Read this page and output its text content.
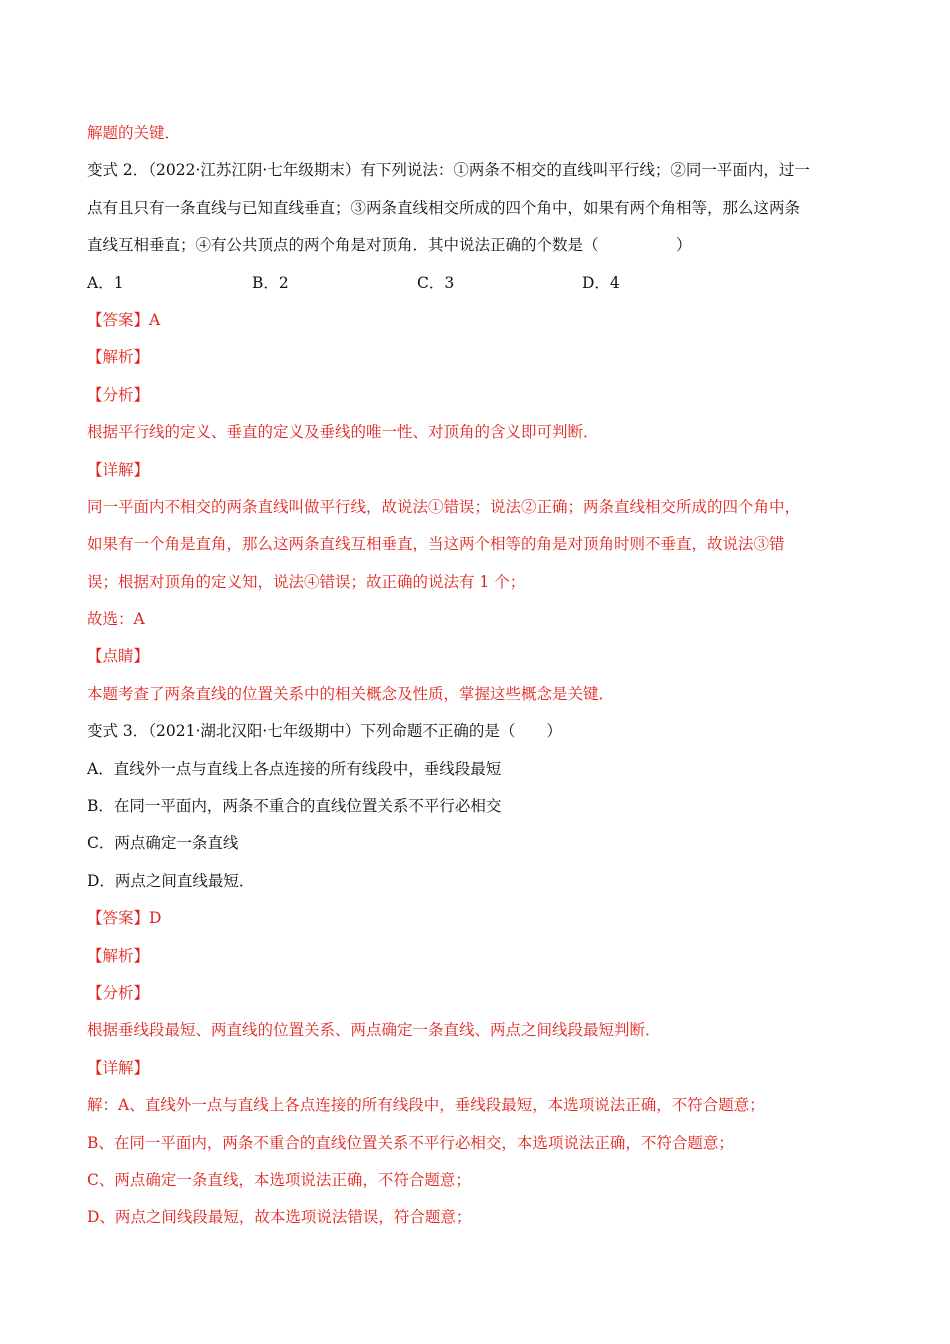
解题的关键．
变式 2．（2022·江苏江阴·七年级期末）有下列说法：①两条不相交的直线叫平行线；②同一平面内，过一
点有且只有一条直线与已知直线垂直；③两条直线相交所成的四个角中，如果有两个角相等，那么这两条
直线互相垂直；④有公共顶点的两个角是对顶角．其中说法正确的个数是（　　　　　）
A．1	B．2	C．3	D．4
【答案】A
【解析】
【分析】
根据平行线的定义、垂直的定义及垂线的唯一性、对顶角的含义即可判断．
【详解】
同一平面内不相交的两条直线叫做平行线，故说法①错误；说法②正确；两条直线相交所成的四个角中，
如果有一个角是直角，那么这两条直线互相垂直，当这两个相等的角是对顶角时则不垂直，故说法③错
误；根据对顶角的定义知，说法④错误；故正确的说法有 1 个；
故选：A
【点睛】
本题考查了两条直线的位置关系中的相关概念及性质，掌握这些概念是关键．
变式 3．（2021·湖北汉阳·七年级期中）下列命题不正确的是（　　）
A．直线外一点与直线上各点连接的所有线段中，垂线段最短
B．在同一平面内，两条不重合的直线位置关系不平行必相交
C．两点确定一条直线
D．两点之间直线最短．
【答案】D
【解析】
【分析】
根据垂线段最短、两直线的位置关系、两点确定一条直线、两点之间线段最短判断．
【详解】
解：A、直线外一点与直线上各点连接的所有线段中，垂线段最短，本选项说法正确，不符合题意；
B、在同一平面内，两条不重合的直线位置关系不平行必相交，本选项说法正确，不符合题意；
C、两点确定一条直线，本选项说法正确，不符合题意；
D、两点之间线段最短，故本选项说法错误，符合题意；
